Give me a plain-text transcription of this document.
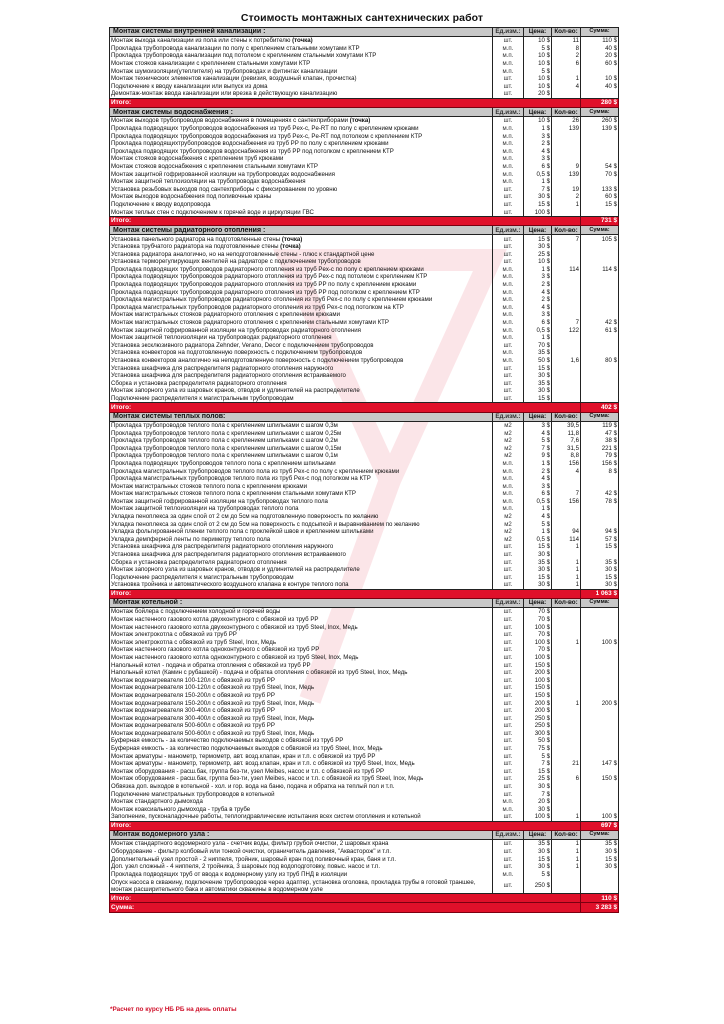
Стоимость монтажных сантехнических работ
Монтаж системы внутренней канализации :	Ед.изм.:	Цена:	Кол-во:	Сумма:
Монтаж выхода канализации из пола или стены к потребителю (точка)	шт.	10 $	11	110 $
Прокладка трубопровода канализации по полу с креплением стальными хомутами КТР	м.п.	5 $	8	40 $
Прокладка трубопровода канализации под потолком с креплением стальными хомутами КТР	м.п.	10 $	2	20 $
Монтаж стояков канализации с креплением стальными хомутами КТР	м.п.	10 $	6	60 $
Монтаж шумоизоляции(утеплителя) на трубопроводах и фитингах канализации	м.п.	5 $		
Монтаж технических элементов канализации (ревизия, воздушный клапан, прочистка)	шт.	10 $	1	10 $
Подключение к вводу канализации или выпуск из дома	шт.	10 $	4	40 $
Демонтаж-монтаж ввода канализации или врезка в действующую канализацию	шт.	20 $		
Итого:				280 $
Монтаж системы водоснабжения :	Ед.изм.:	Цена:	Кол-во:	Сумма:
Монтаж выходов трубопроводов водоснабжения в помещениях с сантехприборами (точка)	шт.	10 $	26	260 $
Прокладка подводящих трубопроводов водоснабжения из труб Pex-c, Pe-RT по полу с креплением крюками	м.п.	1 $	139	139 $
Прокладка подводящих трубопроводов водоснабжения из труб Pex-c, Pe-RT под потолком с креплением КТР	м.п.	3 $		
Прокладка подводящихтрубопроводов водоснабжения из труб PP по полу с креплением крюками	м.п.	2 $		
Прокладка подводящих трубопроводов водоснабжения из труб PP под потолком с креплением КТР	м.п.	4 $		
Монтаж стояков водоснабжения с креплением труб крюками	м.п.	3 $		
Монтаж стояков водоснабжения с креплением стальными хомутами КТР	м.п.	6 $	9	54 $
Монтаж защитной гофрированной изоляции на трубопроводах водоснабжения	м.п.	0,5 $	139	70 $
Монтаж защитной теплоизоляции на трубопроводах водоснабжения	м.п.	1 $		
Установка резьбовых выходов под сантехприборы с фиксированием по уровню	шт.	7 $	19	133 $
Монтаж выходов водоснабжения под поливочные краны	шт.	30 $	2	60 $
Подключение к вводу водопровода	шт.	15 $	1	15 $
Монтаж теплых стен с подключением к горячей воде и циркуляции ГВС	шт.	100 $		
Итого:				731 $
Монтаж системы радиаторного отопления :	Ед.изм.:	Цена:	Кол-во:	Сумма:
Установка панельного радиатора на подготовленные стены (точка)	шт.	15 $	7	105 $
Установка трубчатого радиатора на подготовленные стены (точка)	шт.	30 $		
Установка радиатора аналогично, но на неподготовленные стены - плюс к стандартной цене	шт.	25 $		
Установка терморегулирующих вентилей на радиаторе с подключением трубопроводов	шт.	10 $		
Прокладка подводящих трубопроводов радиаторного отопления из труб Pex-c по полу с креплением крюками	м.п.	1 $	114	114 $
Прокладка подводящих трубопроводов радиаторного отопления из труб Pex-c под потолком с креплением КТР	м.п.	3 $		
Прокладка подводящих трубопроводов радиаторного отопления из труб PP по полу с креплением крюками	м.п.	2 $		
Прокладка подводящих трубопроводов радиаторного отопления из труб PP под потолком с креплением КТР	м.п.	4 $		
Прокладка магистральных трубопроводов радиаторного отопления из труб Pex-c по полу с креплением крюками	м.п.	2 $		
Прокладка магистральных трубопроводов радиаторного отопления из труб Pex-c под потолком на КТР	м.п.	4 $		
Монтаж магистральных стояков радиаторного отопления с креплением крюками	м.п.	3 $		
Монтаж магистральных стояков радиаторного отопления с креплением стальными хомутами КТР	м.п.	6 $	7	42 $
Монтаж защитной гофрированной изоляции на трубопроводах радиаторного отопления	м.п.	0,5 $	122	61 $
Монтаж защитной теплоизоляции на трубопроводах радиаторного отопления	м.п.	1 $		
Установка эксклюзивного радиатора Zehnder, Verano, Decor с подключением трубопроводов	шт.	70 $		
Установка конвекторов на подготовленную поверхность с подключением трубопроводов	м.п.	35 $		
Установка конвекторов аналогично на неподготовленную поверхность с подключением трубопроводов	м.п.	50 $	1,6	80 $
Установка шкафчика для распределителя радиаторного отопления наружного	шт.	15 $		
Установка шкафчика для распределителя радиаторного отопления встраиваемого	шт.	30 $		
Сборка и установка распределителя радиаторного отопления	шт.	35 $		
Монтаж запорного узла из шаровых кранов, отводов и удлинителей на распределителе	шт.	30 $		
Подключение распределителя к магистральным трубопроводам	шт.	15 $		
Итого:				402 $
Монтаж системы теплых полов:	Ед.изм.:	Цена:	Кол-во:	Сумма:
Прокладка трубопроводов теплого пола с креплением шпильками с шагом 0,3м	м2	3 $	39,5	119 $
Прокладка трубопроводов теплого пола с креплением шпильками с шагом 0,25м	м2	4 $	11,8	47 $
Прокладка трубопроводов теплого пола с креплением шпильками с шагом 0,2м	м2	5 $	7,6	38 $
Прокладка трубопроводов теплого пола с креплением шпильками с шагом 0,15м	м2	7 $	31,5	221 $
Прокладка трубопроводов теплого пола с креплением шпильками с шагом 0,1м	м2	9 $	8,8	79 $
Прокладка подводящих трубопроводов теплого пола с креплением шпильками	м.п.	1 $	156	156 $
Прокладка магистральных трубопроводов теплого пола из труб Pex-c по полу с креплением крюками	м.п.	2 $	4	8 $
Прокладка магистральных трубопроводов теплого пола из труб Pex-c под потолком на КТР	м.п.	4 $		
Монтаж магистральных стояков теплого пола с креплением крюками	м.п.	3 $		
Монтаж магистральных стояков теплого пола с креплением стальными хомутами КТР	м.п.	6 $	7	42 $
Монтаж защитной гофрированной изоляции на трубопроводах теплого пола	м.п.	0,5 $	156	78 $
Монтаж защитной теплоизоляции на трубопроводах теплого пола	м.п.	1 $		
Укладка пеноплекса за один слой от 2 см до 5см на подготовленную поверхность по желанию	м2	4 $		
Укладка пеноплекса за один слой от 2 см до 5см на поверхность с подсыпкой и выравниванием по желанию	м2	5 $		
Укладка фольгированной пленки теплого пола с проклейкой швов и креплением шпильками	м2	1 $	94	94 $
Укладка демпферной ленты по периметру теплого пола	м2	0,5 $	114	57 $
Установка шкафчика для распределителя радиаторного отопления наружного	шт.	15 $	1	15 $
Установка шкафчика для распределителя радиаторного отопления встраиваемого	шт.	30 $		
Сборка и установка распределителя радиаторного отопления	шт.	35 $	1	35 $
Монтаж запорного узла из шаровых кранов, отводов и удлинителей на распределителе	шт.	30 $	1	30 $
Подключение распределителя к магистральным трубопроводам	шт.	15 $	1	15 $
Установка тройника и автоматического воздушного клапана в контуре теплого пола	шт.	30 $	1	30 $
Итого:				1 063 $
Монтаж котельной :	Ед.изм.:	Цена:	Кол-во:	Сумма:
Монтаж бойлера с подключением холодной и горячей воды	шт.	70 $		
Монтаж настенного газового котла двухконтурного с обвязкой из труб PP	шт.	70 $		
Монтаж настенного газового котла двухконтурного с обвязкой из труб Steel, Inox, Медь	шт.	100 $		
Монтаж электрокотла с обвязкой из труб PP	шт.	70 $		
Монтаж электрокотла с обвязкой из труб Steel, Inox, Медь	шт.	100 $	1	100 $
Монтаж настенного газового котла одноконтурного с обвязкой из труб PP	шт.	70 $		
Монтаж настенного газового котла одноконтурного с обвязкой из труб Steel, Inox, Медь	шт.	100 $		
Напольный котел - подача и обратка отопления с обвязкой из труб PP	шт.	150 $		
Напольный котел (Камин с рубашкой) - подача и обратка отопления с обвязкой из труб Steel, Inox, Медь	шт.	200 $		
Монтаж водонагревателя 100-120л с обвязкой из труб PP	шт.	100 $		
Монтаж водонагревателя 100-120л с обвязкой из труб Steel, Inox, Медь	шт.	150 $		
Монтаж водонагревателя 150-200л с обвязкой из труб PP	шт.	150 $		
Монтаж водонагревателя 150-200л с обвязкой из труб Steel, Inox, Медь	шт.	200 $	1	200 $
Монтаж водонагревателя 300-400л с обвязкой из труб PP	шт.	200 $		
Монтаж водонагревателя 300-400л с обвязкой из труб Steel, Inox, Медь	шт.	250 $		
Монтаж водонагревателя 500-600л с обвязкой из труб PP	шт.	250 $		
Монтаж водонагревателя 500-600л с обвязкой из труб Steel, Inox, Медь	шт.	300 $		
Буферная емкость - за количество подключаемых выходов с обвязкой из труб PP	шт.	50 $		
Буферная емкость - за количество подключаемых выходов с обвязкой из труб Steel, Inox, Медь	шт.	75 $		
Монтаж арматуры - манометр, термометр, авт. возд.клапан, кран и т.п. с обвязкой из труб PP	шт.	5 $		
Монтаж арматуры - манометр, термометр, авт. возд.клапан, кран и т.п. с обвязкой из труб Steel, Inox, Медь	шт.	7 $	21	147 $
Монтаж оборудования - расш.бак, группа без-ти, узел Meibes, насос и т.п. с обвязкой из труб PP	шт.	15 $		
Монтаж оборудования - расш.бак, группа без-ти, узел Meibes, насос и т.п. с обвязкой из труб Steel, Inox, Медь	шт.	25 $	6	150 $
Обвязка доп. выходов в котельной - хол. и гор. вода на баню, подача и обратка на теплый пол и т.п.	шт.	30 $		
Подключение магистральных трубопроводов в котельной	шт.	7 $		
Монтаж стандартного дымохода	м.п.	20 $		
Монтаж коаксиального дымохода - труба в трубе	м.п.	30 $		
Заполнение, пусконаладочные работы, теплогидравлические испытания всех систем отопления и котельной	шт.	100 $	1	100 $
Итого:				697 $
Монтаж водомерного узла :	Ед.изм.:	Цена:	Кол-во:	Сумма:
Монтаж стандартного водомерного узла - счетчик воды, фильтр грубой очистки, 2 шаровых крана	шт.	35 $	1	35 $
Оборудование - фильтр колбовый или тонкой очистки, ограничитель давления, "Аквасторож" и т.п.	шт.	30 $	1	30 $
Дополнительный узел простой - 2 ниппеля, тройник, шаровый кран под поливочный кран, баня и т.п.	шт.	15 $	1	15 $
Доп. узел сложный - 4 ниппеля, 2 тройника, 3 шаровых под водоподготовку, повыс. насос и т.п.	шт.	30 $	1	30 $
Прокладка подводящих труб от ввода к водомерному узлу из труб ПНД в изоляции	м.п.	5 $		
Опуск насоса в скважину, подключение трубопроводов через адаптер, установка оголовка, прокладка трубы в готовой траншее, монтаж расширительного бака и автоматики скважины в водомерном узле	шт.	250 $		
Итого:				110 $
Сумма:				3 283 $
*Расчет по курсу НБ РБ на день оплаты
